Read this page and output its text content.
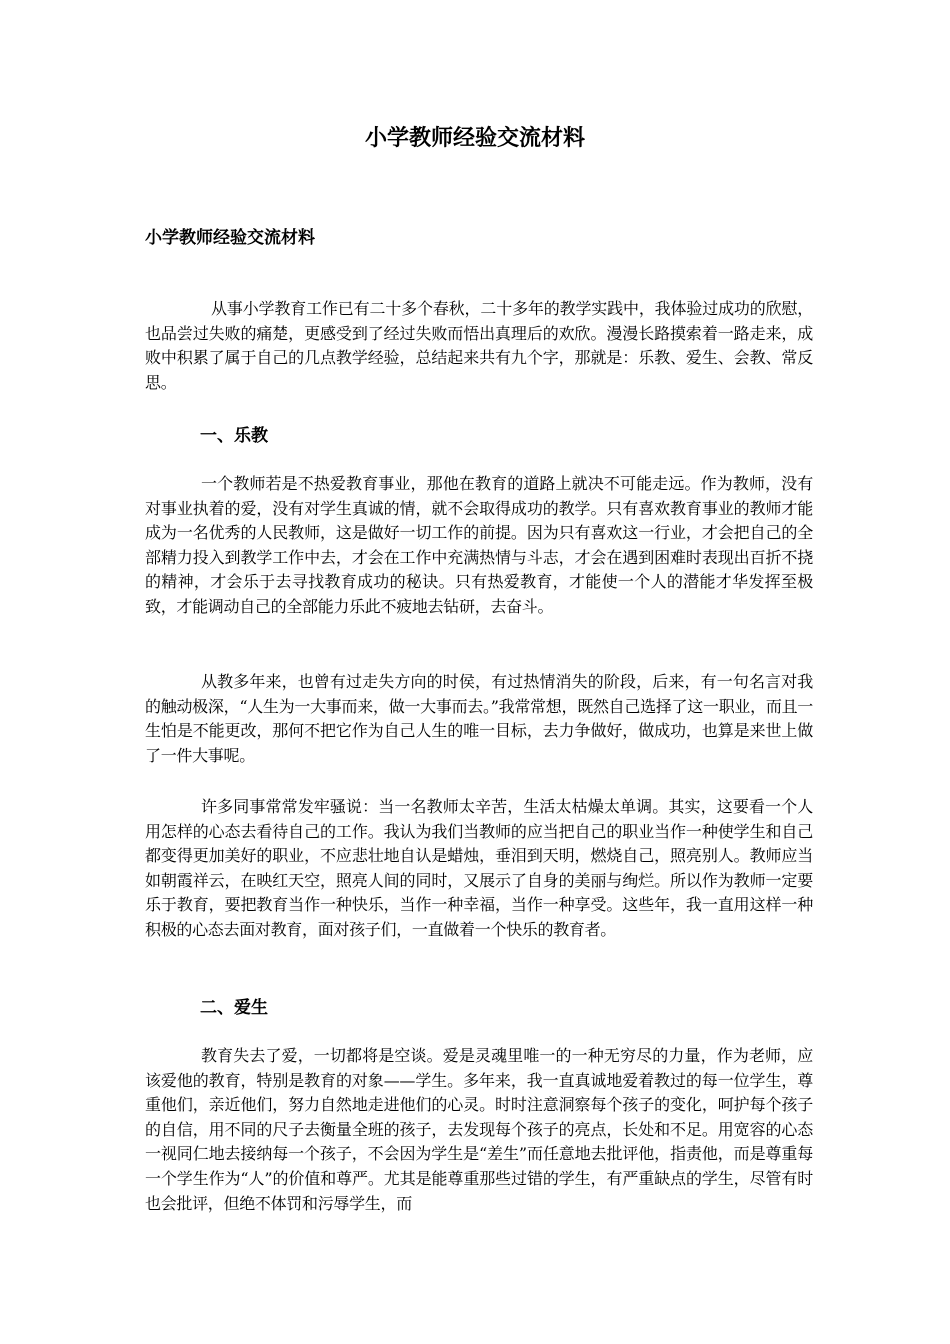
小学教师经验交流材料
小学教师经验交流材料

从事小学教育工作已有二十多个春秋，二十多年的教学实践中，我体验过成功的欣慰，也品尝过失败的痛楚，更感受到了经过失败而悟出真理后的欢欣。漫漫长路摸索着一路走来，成败中积累了属于自己的几点教学经验，总结起来共有九个字，那就是：乐教、爱生、会教、常反思。

一、乐教

一个教师若是不热爱教育事业，那他在教育的道路上就决不可能走远。作为教师，没有对事业执着的爱，没有对学生真诚的情，就不会取得成功的教学。只有喜欢教育事业的教师才能成为一名优秀的人民教师，这是做好一切工作的前提。因为只有喜欢这一行业，才会把自己的全部精力投入到教学工作中去，才会在工作中充满热情与斗志，才会在遇到困难时表现出百折不挠的精神，才会乐于去寻找教育成功的秘诀。只有热爱教育，才能使一个人的潜能才华发挥至极致，才能调动自己的全部能力乐此不疲地去钻研，去奋斗。

从教多年来，也曾有过走失方向的时侯，有过热情消失的阶段，后来，有一句名言对我的触动极深，“人生为一大事而来，做一大事而去。”我常常想，既然自己选择了这一职业，而且一生怕是不能更改，那何不把它作为自己人生的唯一目标，去力争做好，做成功，也算是来世上做了一件大事呢。

许多同事常常发牢骚说：当一名教师太辛苦，生活太枯燥太单调。其实，这要看一个人用怎样的心态去看待自己的工作。我认为我们当教师的应当把自己的职业当作一种使学生和自己都变得更加美好的职业，不应悲壮地自认是蜡烛，垂泪到天明，燃烧自己，照亮别人。教师应当如朝霞祥云，在映红天空，照亮人间的同时，又展示了自身的美丽与绚烂。所以作为教师一定要乐于教育，要把教育当作一种快乐，当作一种幸福，当作一种享受。这些年，我一直用这样一种积极的心态去面对教育，面对孩子们，一直做着一个快乐的教育者。

二、爱生

教育失去了爱，一切都将是空谈。爱是灵魂里唯一的一种无穷尽的力量，作为老师，应该爱他的教育，特别是教育的对象——学生。多年来，我一直真诚地爱着教过的每一位学生，尊重他们，亲近他们，努力自然地走进他们的心灵。时时注意洞察每个孩子的变化，呵护每个孩子的自信，用不同的尺子去衡量全班的孩子，去发现每个孩子的亮点，长处和不足。用宽容的心态一视同仁地去接纳每一个孩子，不会因为学生是“差生”而任意地去批评他，指责他，而是尊重每一个学生作为“人”的价值和尊严。尤其是能尊重那些过错的学生，有严重缺点的学生，尽管有时也会批评，但绝不体罚和污辱学生，而
